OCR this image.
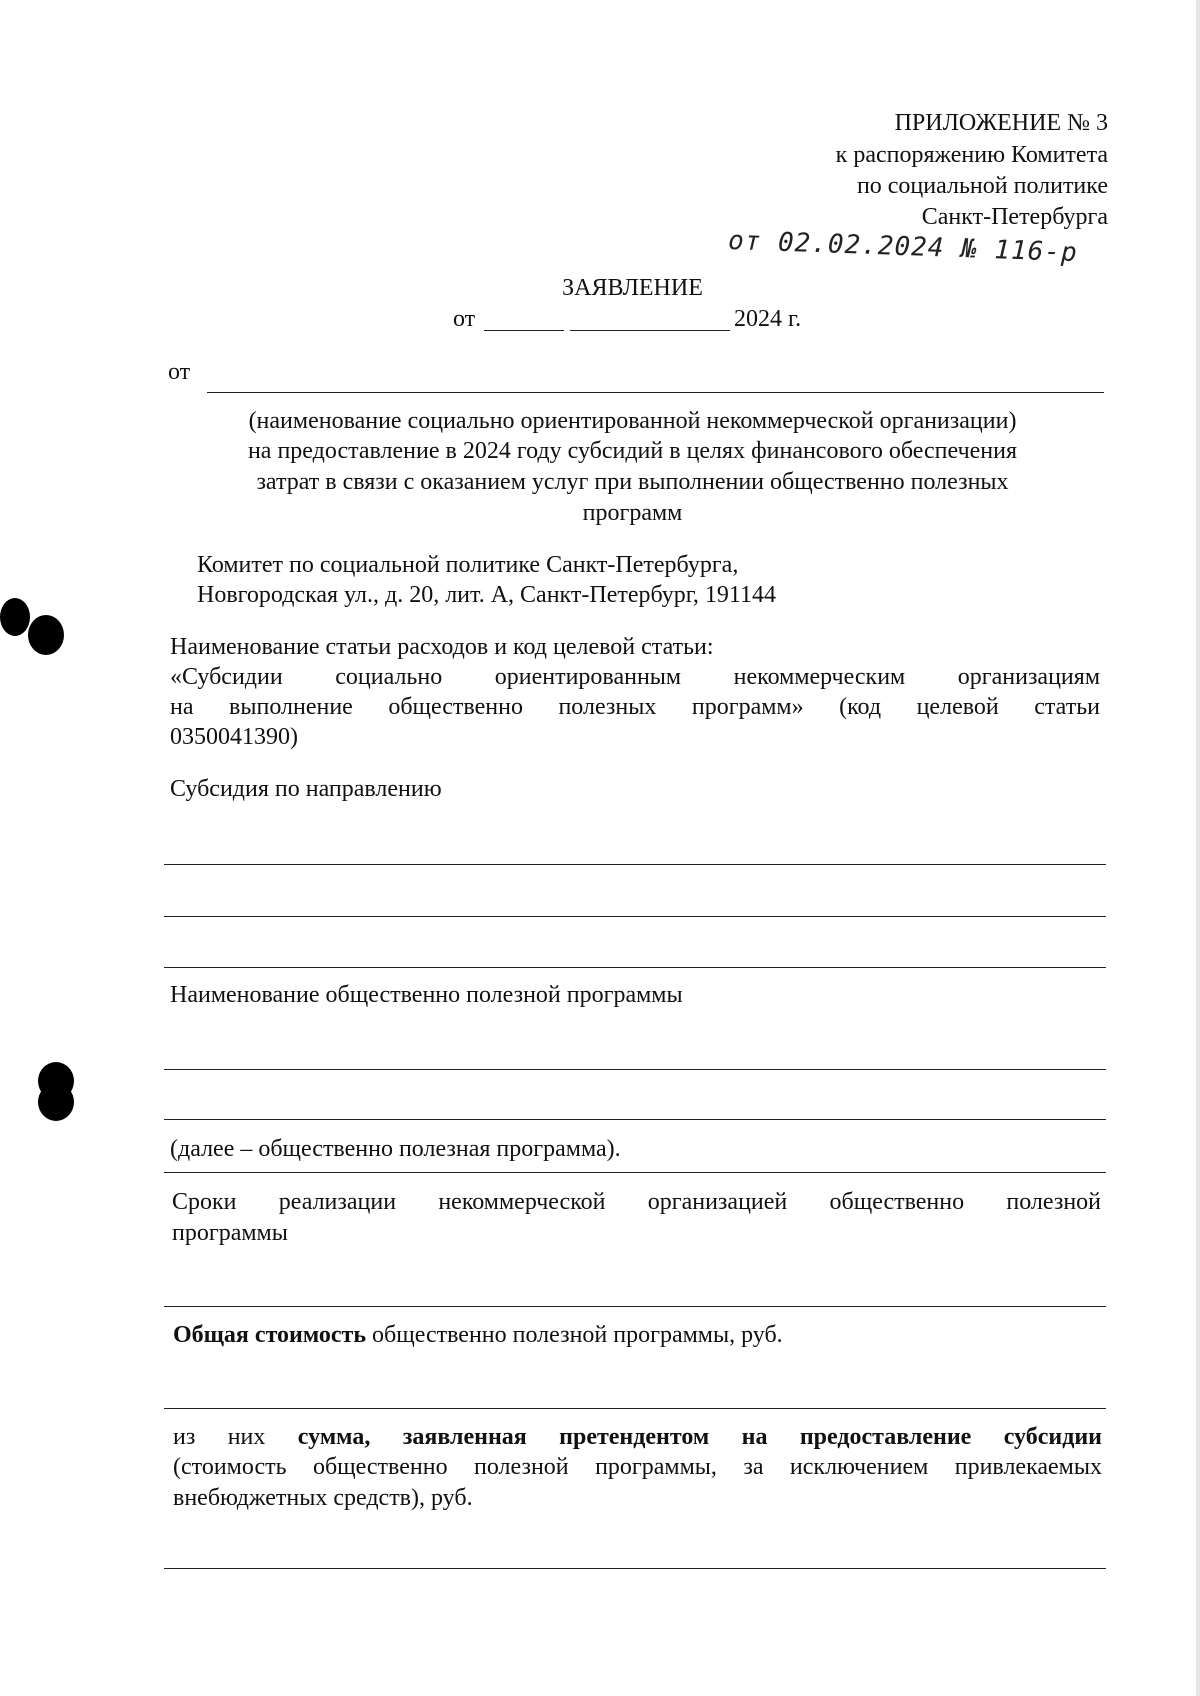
ПРИЛОЖЕНИЕ № 3
к распоряжению Комитета
по социальной политике
Санкт-Петербурга
от 02.02.2024 № 116-р
ЗАЯВЛЕНИЕ
от	2024 г.
от
(наименование социально ориентированной некоммерческой организации)
на предоставление в 2024 году субсидий в целях финансового обеспечения
затрат в связи с оказанием услуг при выполнении общественно полезных
программ
Комитет по социальной политике Санкт-Петербурга,
Новгородская ул., д. 20, лит. А, Санкт-Петербург, 191144
Наименование статьи расходов и код целевой статьи:
«Субсидии социально ориентированным некоммерческим организациям
на выполнение общественно полезных программ» (код целевой статьи
0350041390)
Субсидия по направлению
Наименование общественно полезной программы
(далее – общественно полезная программа).
Сроки реализации некоммерческой организацией общественно полезной
программы
Общая стоимость общественно полезной программы, руб.
из них сумма, заявленная претендентом на предоставление субсидии
(стоимость общественно полезной программы, за исключением привлекаемых
внебюджетных средств), руб.
